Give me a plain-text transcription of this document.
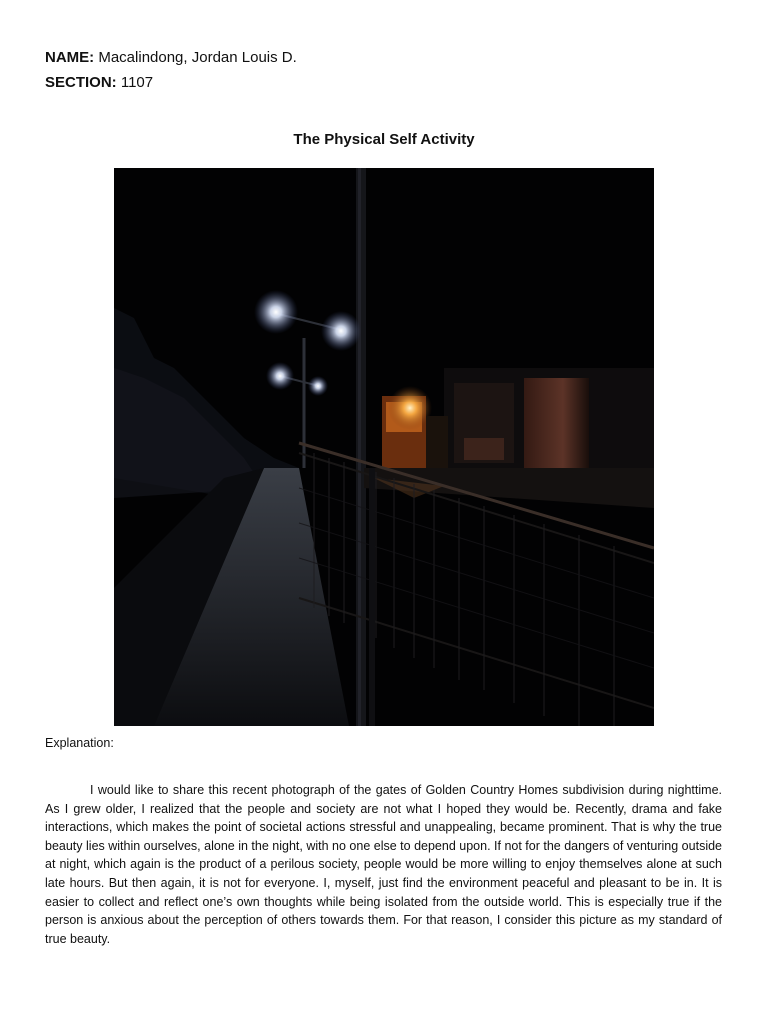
NAME: Macalindong, Jordan Louis D.
SECTION: 1107
The Physical Self Activity
Explanation:

I would like to share this recent photograph of the gates of Golden Country Homes subdivision during nighttime. As I grew older, I realized that the people and society are not what I hoped they would be. Recently, drama and fake interactions, which makes the point of societal actions stressful and unappealing, became prominent. That is why the true beauty lies within ourselves, alone in the night, with no one else to depend upon. If not for the dangers of venturing outside at night, which again is the product of a perilous society, people would be more willing to enjoy themselves alone at such late hours. But then again, it is not for everyone. I, myself, just find the environment peaceful and pleasant to be in. It is easier to collect and reflect one’s own thoughts while being isolated from the outside world. This is especially true if the person is anxious about the perception of others towards them. For that reason, I consider this picture as my standard of true beauty.
